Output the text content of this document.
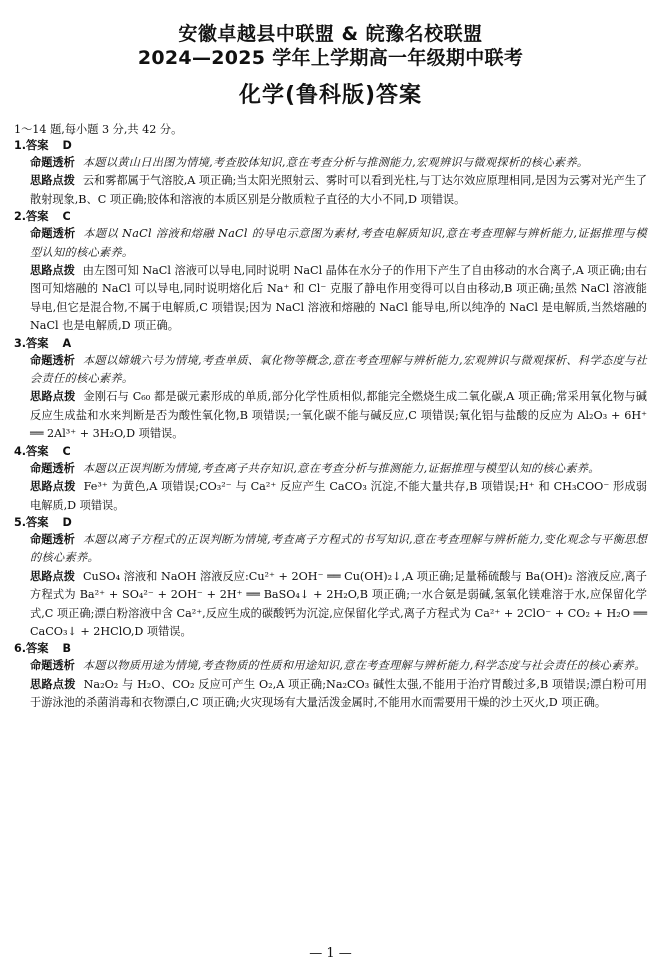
安徽卓越县中联盟 & 皖豫名校联盟
2024—2025 学年上学期高一年级期中联考
化学(鲁科版)答案
1～14 题,每小题 3 分,共 42 分。
1.答案 D
命题透析 本题以黄山日出图为情境,考查胶体知识,意在考查分析与推测能力,宏观辨识与微观探析的核心素养。
思路点拨 云和雾都属于气溶胶,A 项正确;当太阳光照射云、雾时可以看到光柱,与丁达尔效应原理相同,是因为云雾对光产生了散射现象,B、C 项正确;胶体和溶液的本质区别是分散质粒子直径的大小不同,D 项错误。
2.答案 C
命题透析 本题以 NaCl 溶液和熔融 NaCl 的导电示意图为素材,考查电解质知识,意在考查理解与辨析能力,证据推理与模型认知的核心素养。
思路点拨 由左图可知 NaCl 溶液可以导电,同时说明 NaCl 晶体在水分子的作用下产生了自由移动的水合离子,A 项正确;由右图可知熔融的 NaCl 可以导电,同时说明熔化后 Na⁺ 和 Cl⁻ 克服了静电作用变得可以自由移动,B 项正确;虽然 NaCl 溶液能导电,但它是混合物,不属于电解质,C 项错误;因为 NaCl 溶液和熔融的 NaCl 能导电,所以纯净的 NaCl 是电解质,当然熔融的 NaCl 也是电解质,D 项正确。
3.答案 A
命题透析 本题以嫦娥六号为情境,考查单质、氧化物等概念,意在考查理解与辨析能力,宏观辨识与微观探析、科学态度与社会责任的核心素养。
思路点拨 金刚石与 C₆₀ 都是碳元素形成的单质,部分化学性质相似,都能完全燃烧生成二氧化碳,A 项正确;常采用氧化物与碱反应生成盐和水来判断是否为酸性氧化物,B 项错误;一氧化碳不能与碱反应,C 项错误;氧化铝与盐酸的反应为 Al₂O₃ + 6H⁺ ══ 2Al³⁺ + 3H₂O,D 项错误。
4.答案 C
命题透析 本题以正误判断为情境,考查离子共存知识,意在考查分析与推测能力,证据推理与模型认知的核心素养。
思路点拨 Fe³⁺ 为黄色,A 项错误;CO₃²⁻ 与 Ca²⁺ 反应产生 CaCO₃ 沉淀,不能大量共存,B 项错误;H⁺ 和 CH₃COO⁻ 形成弱电解质,D 项错误。
5.答案 D
命题透析 本题以离子方程式的正误判断为情境,考查离子方程式的书写知识,意在考查理解与辨析能力,变化观念与平衡思想的核心素养。
思路点拨 CuSO₄ 溶液和 NaOH 溶液反应:Cu²⁺ + 2OH⁻ ══ Cu(OH)₂↓,A 项正确;足量稀硫酸与 Ba(OH)₂ 溶液反应,离子方程式为 Ba²⁺ + SO₄²⁻ + 2OH⁻ + 2H⁺ ══ BaSO₄↓ + 2H₂O,B 项正确;一水合氨是弱碱,氢氧化镁难溶于水,应保留化学式,C 项正确;漂白粉溶液中含 Ca²⁺,反应生成的碳酸钙为沉淀,应保留化学式,离子方程式为 Ca²⁺ + 2ClO⁻ + CO₂ + H₂O ══ CaCO₃↓ + 2HClO,D 项错误。
6.答案 B
命题透析 本题以物质用途为情境,考查物质的性质和用途知识,意在考查理解与辨析能力,科学态度与社会责任的核心素养。
思路点拨 Na₂O₂ 与 H₂O、CO₂ 反应可产生 O₂,A 项正确;Na₂CO₃ 碱性太强,不能用于治疗胃酸过多,B 项错误;漂白粉可用于游泳池的杀菌消毒和衣物漂白,C 项正确;火灾现场有大量活泼金属时,不能用水而需要用干燥的沙土灭火,D 项正确。
— 1 —
